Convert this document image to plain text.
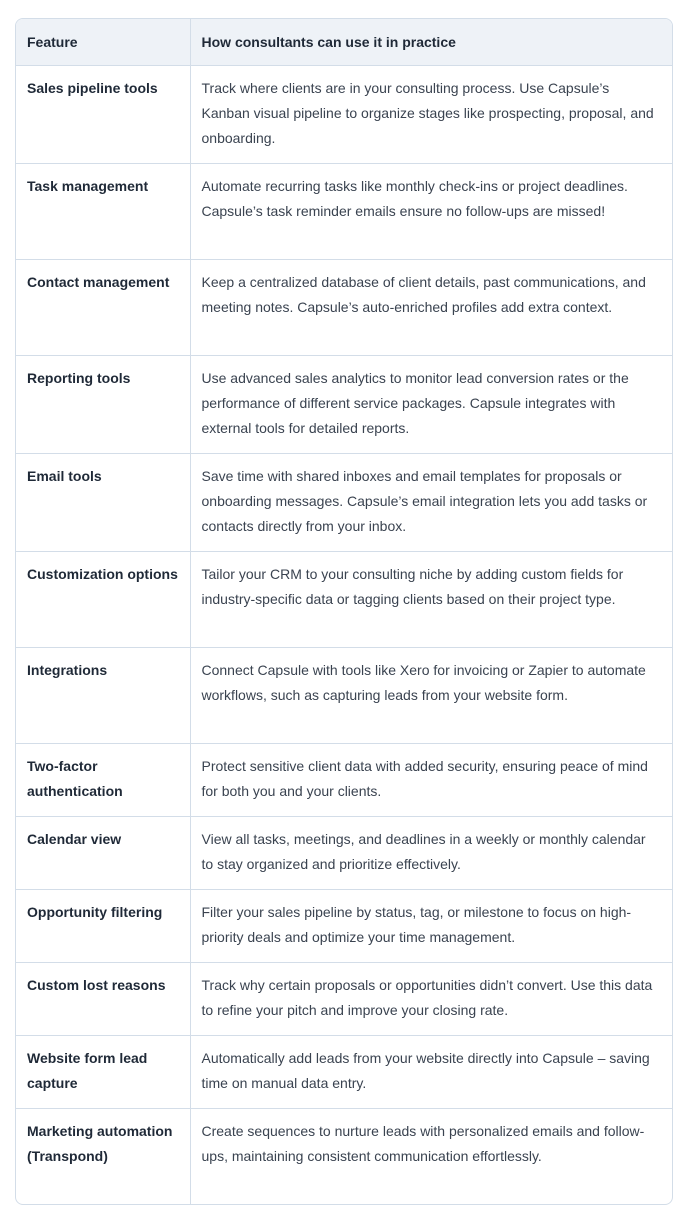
Feature	How consultants can use it in practice
Sales pipeline tools	Track where clients are in your consulting process. Use Capsule’s Kanban visual pipeline to organize stages like prospecting, proposal, and onboarding.
Task management	Automate recurring tasks like monthly check-ins or project deadlines. Capsule’s task reminder emails ensure no follow-ups are missed!
Contact management	Keep a centralized database of client details, past communications, and meeting notes. Capsule’s auto-enriched profiles add extra context.
Reporting tools	Use advanced sales analytics to monitor lead conversion rates or the performance of different service packages. Capsule integrates with external tools for detailed reports.
Email tools	Save time with shared inboxes and email templates for proposals or onboarding messages. Capsule’s email integration lets you add tasks or contacts directly from your inbox.
Customization options	Tailor your CRM to your consulting niche by adding custom fields for industry-specific data or tagging clients based on their project type.
Integrations	Connect Capsule with tools like Xero for invoicing or Zapier to automate workflows, such as capturing leads from your website form.
Two-factor authentication	Protect sensitive client data with added security, ensuring peace of mind for both you and your clients.
Calendar view	View all tasks, meetings, and deadlines in a weekly or monthly calendar to stay organized and prioritize effectively.
Opportunity filtering	Filter your sales pipeline by status, tag, or milestone to focus on high-priority deals and optimize your time management.
Custom lost reasons	Track why certain proposals or opportunities didn’t convert. Use this data to refine your pitch and improve your closing rate.
Website form lead capture	Automatically add leads from your website directly into Capsule – saving time on manual data entry.
Marketing automation (Transpond)	Create sequences to nurture leads with personalized emails and follow-ups, maintaining consistent communication effortlessly.
